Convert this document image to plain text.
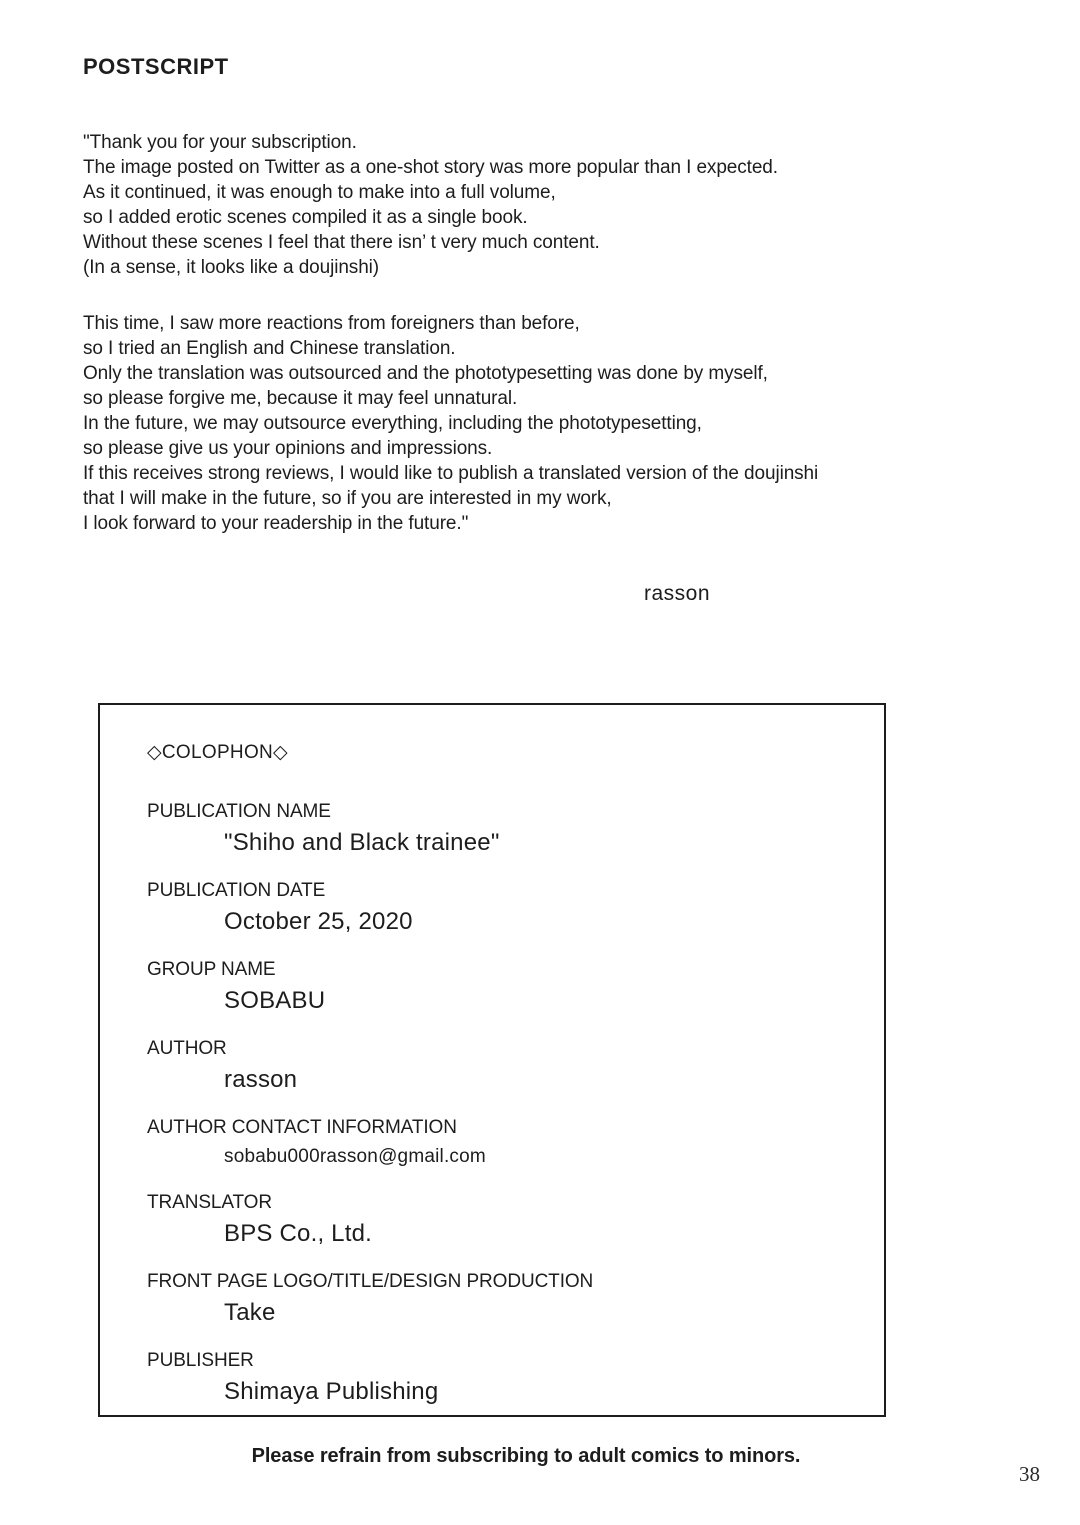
POSTSCRIPT
"Thank you for your subscription.
The image posted on Twitter as a one-shot story was more popular than I expected.
As it continued, it was enough to make into a full volume,
so I added erotic scenes compiled it as a single book.
Without these scenes I feel that there isn’ t very much content.
(In a sense, it looks like a doujinshi)
This time, I saw more reactions from foreigners than before,
so I tried an English and Chinese translation.
Only the translation was outsourced and the phototypesetting was done by myself,
so please forgive me, because it may feel unnatural.
In the future, we may outsource everything, including the phototypesetting,
so please give us your opinions and impressions.
If this receives strong reviews, I would like to publish a translated version of the doujinshi
that I will make in the future, so if you are interested in my work,
I look forward to your readership in the future."
rasson
◇COLOPHON◇
PUBLICATION NAME
"Shiho and Black trainee"
PUBLICATION DATE
October 25, 2020
GROUP NAME
SOBABU
AUTHOR
rasson
AUTHOR CONTACT INFORMATION
sobabu000rasson@gmail.com
TRANSLATOR
BPS Co., Ltd.
FRONT PAGE LOGO/TITLE/DESIGN PRODUCTION
Take
PUBLISHER
Shimaya Publishing
Please refrain from subscribing to adult comics to minors.
38
